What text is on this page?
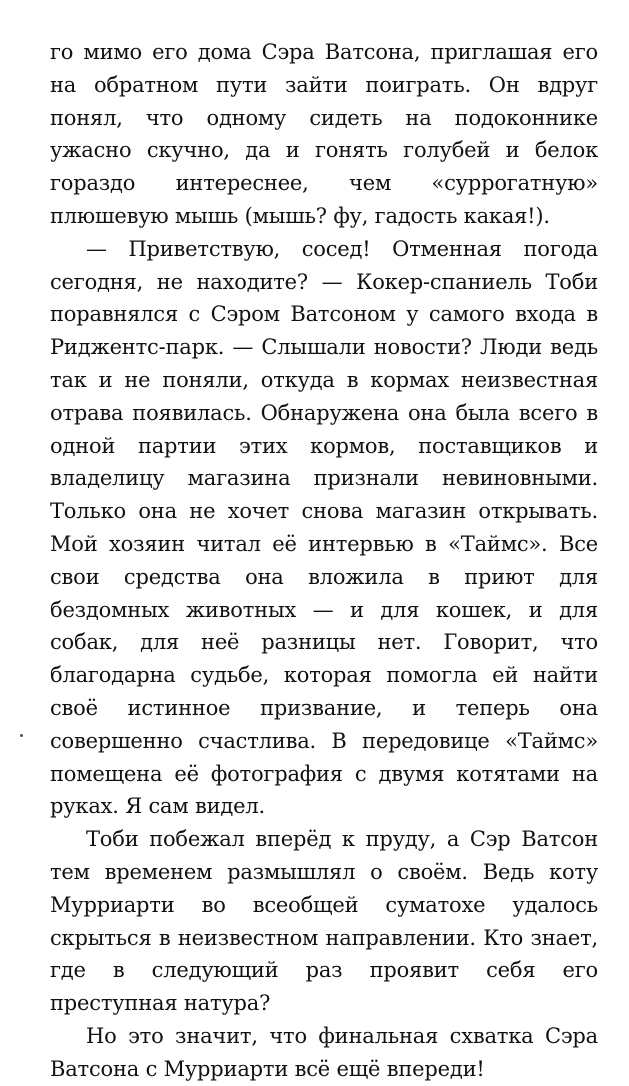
го мимо его дома Сэра Ватсона, приглашая его на обратном пути зайти поиграть. Он вдруг понял, что одному сидеть на подоконнике ужасно скучно, да и гонять голубей и белок гораздо интереснее, чем «суррогатную» плюшевую мышь (мышь? фу, гадость какая!).

— Приветствую, сосед! Отменная погода сегодня, не находите? — Кокер-спаниель Тоби поравнялся с Сэром Ватсоном у самого входа в Риджентс-парк. — Слышали новости? Люди ведь так и не поняли, откуда в кормах неизвестная отрава появилась. Обнаружена она была всего в одной партии этих кормов, поставщиков и владелицу магазина признали невиновными. Только она не хочет снова магазин открывать. Мой хозяин читал её интервью в «Таймс». Все свои средства она вложила в приют для бездомных животных — и для кошек, и для собак, для неё разницы нет. Говорит, что благодарна судьбе, которая помогла ей найти своё истинное призвание, и теперь она совершенно счастлива. В передовице «Таймс» помещена её фотография с двумя котятами на руках. Я сам видел.

Тоби побежал вперёд к пруду, а Сэр Ватсон тем временем размышлял о своём. Ведь коту Мурриарти во всеобщей суматохе удалось скрыться в неизвестном направлении. Кто знает, где в следующий раз проявит себя его преступная натура?

Но это значит, что финальная схватка Сэра Ватсона с Мурриарти всё ещё впереди!
